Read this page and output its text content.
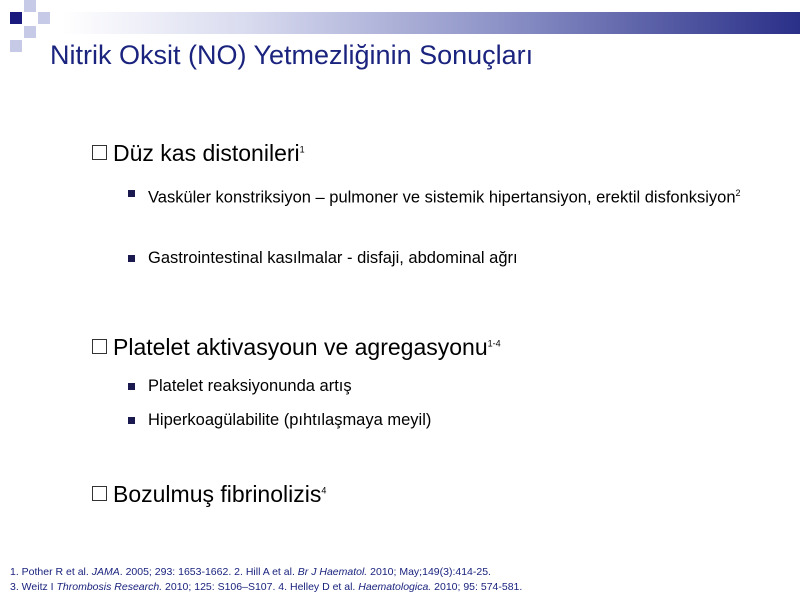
Nitrik Oksit (NO) Yetmezliğinin Sonuçları
Düz kas distonileri$^1$
Vasküler konstriksiyon – pulmoner ve sistemik hipertansiyon, erektil disfonksiyon$^2$
Gastrointestinal kasılmalar - disfaji, abdominal ağrı
Platelet aktivasyoun ve agregasyonu$^{1-4}$
Platelet reaksiyonunda artış
Hiperkoagülabilite (pıhtılaşmaya meyil)
Bozulmuş fibrinolizis$^4$
1. Pother R et al. JAMA. 2005; 293: 1653-1662. 2. Hill A et al. Br J Haematol. 2010; May;149(3):414-25.
3. Weitz I Thrombosis Research. 2010; 125: S106–S107. 4. Helley D et al. Haematologica. 2010; 95: 574-581.
